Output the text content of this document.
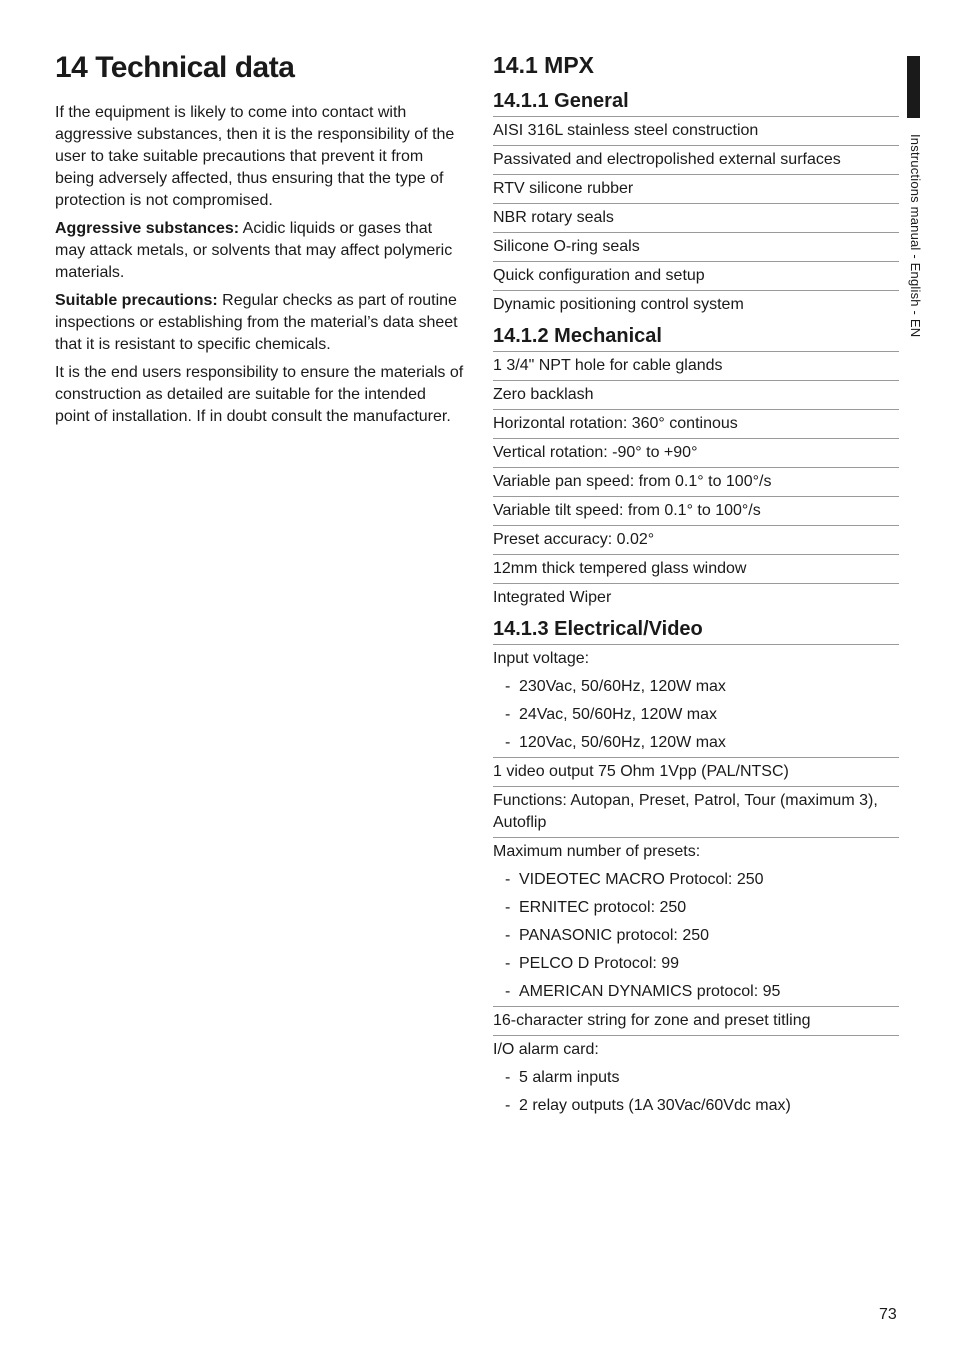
14 Technical data

If the equipment is likely to come into contact with aggressive substances, then it is the responsibility of the user to take suitable precautions that prevent it from being adversely affected, thus ensuring that the type of protection is not compromised.

Aggressive substances: Acidic liquids or gases that may attack metals, or solvents that may affect polymeric materials.

Suitable precautions: Regular checks as part of routine inspections or establishing from the material’s data sheet that it is resistant to specific chemicals.

It is the end users responsibility to ensure the materials of construction as detailed are suitable for the intended point of installation. If in doubt consult the manufacturer.

14.1 MPX
14.1.1 General
AISI 316L stainless steel construction
Passivated and electropolished external surfaces
RTV silicone rubber
NBR rotary seals
Silicone O-ring seals
Quick configuration and setup
Dynamic positioning control system
14.1.2 Mechanical
1 3/4" NPT hole for cable glands
Zero backlash
Horizontal rotation: 360° continous
Vertical rotation: -90° to +90°
Variable pan speed: from 0.1° to 100°/s
Variable tilt speed: from 0.1° to 100°/s
Preset accuracy: 0.02°
12mm thick tempered glass window
Integrated Wiper
14.1.3 Electrical/Video
Input voltage:
- 230Vac, 50/60Hz, 120W max
- 24Vac, 50/60Hz, 120W max
- 120Vac, 50/60Hz, 120W max
1 video output 75 Ohm 1Vpp (PAL/NTSC)
Functions: Autopan, Preset, Patrol, Tour (maximum 3), Autoflip
Maximum number of presets:
- VIDEOTEC MACRO Protocol: 250
- ERNITEC protocol: 250
- PANASONIC protocol: 250
- PELCO D Protocol: 99
- AMERICAN DYNAMICS protocol: 95
16-character string for zone and preset titling
I/O alarm card:
- 5 alarm inputs
- 2 relay outputs (1A 30Vac/60Vdc max)
Instructions manual - English - EN
73
